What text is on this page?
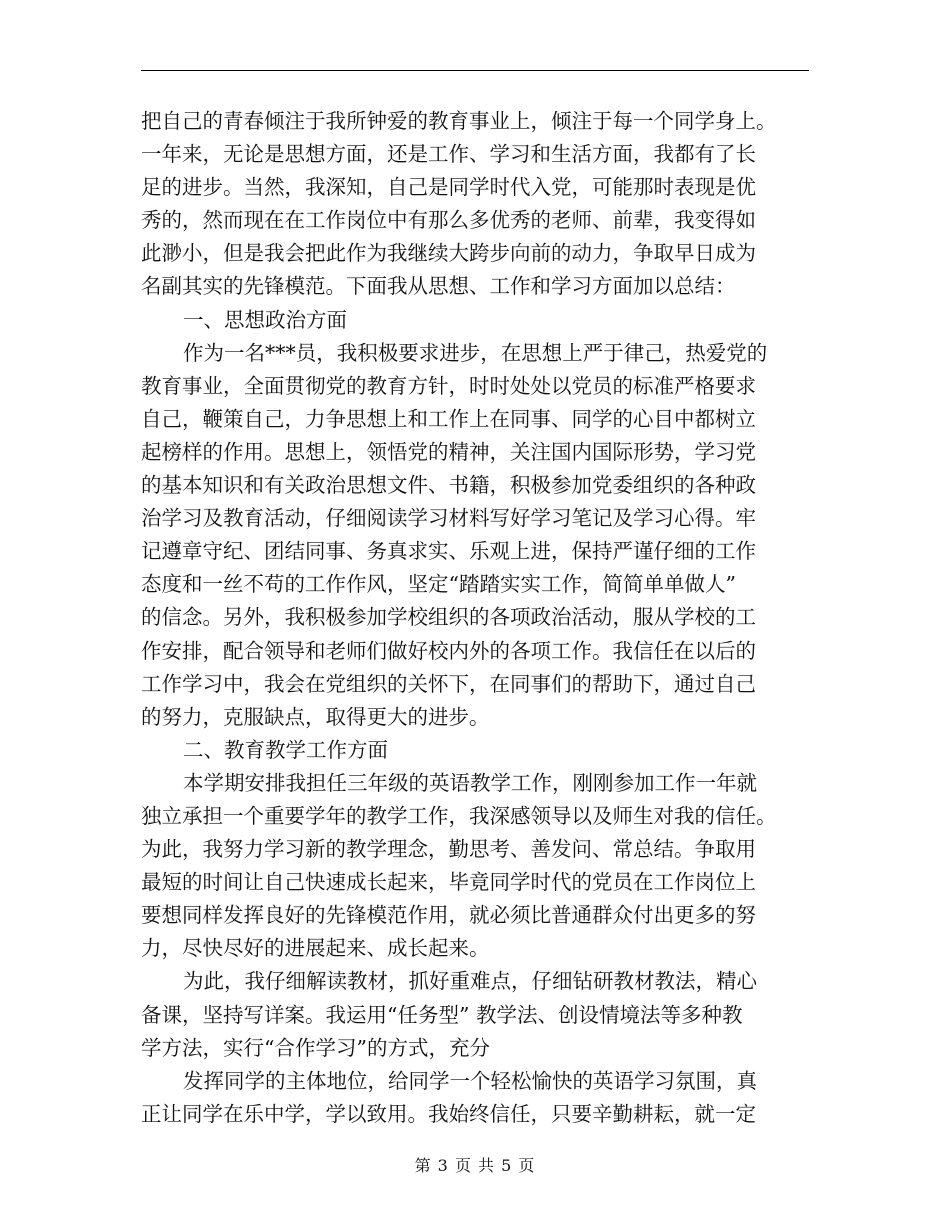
把自己的青春倾注于我所钟爱的教育事业上，倾注于每一个同学身上。
一年来，无论是思想方面，还是工作、学习和生活方面，我都有了长
足的进步。当然，我深知，自己是同学时代入党，可能那时表现是优
秀的，然而现在在工作岗位中有那么多优秀的老师、前辈，我变得如
此渺小，但是我会把此作为我继续大跨步向前的动力，争取早日成为
名副其实的先锋模范。下面我从思想、工作和学习方面加以总结：
一、思想政治方面
作为一名***员，我积极要求进步，在思想上严于律己，热爱党的
教育事业，全面贯彻党的教育方针，时时处处以党员的标准严格要求
自己，鞭策自己，力争思想上和工作上在同事、同学的心目中都树立
起榜样的作用。思想上，领悟党的精神，关注国内国际形势，学习党
的基本知识和有关政治思想文件、书籍，积极参加党委组织的各种政
治学习及教育活动，仔细阅读学习材料写好学习笔记及学习心得。牢
记遵章守纪、团结同事、务真求实、乐观上进，保持严谨仔细的工作
态度和一丝不苟的工作作风，坚定“踏踏实实工作，简简单单做人”
的信念。另外，我积极参加学校组织的各项政治活动，服从学校的工
作安排，配合领导和老师们做好校内外的各项工作。我信任在以后的
工作学习中，我会在党组织的关怀下，在同事们的帮助下，通过自己
的努力，克服缺点，取得更大的进步。
二、教育教学工作方面
本学期安排我担任三年级的英语教学工作，刚刚参加工作一年就
独立承担一个重要学年的教学工作，我深感领导以及师生对我的信任。
为此，我努力学习新的教学理念，勤思考、善发问、常总结。争取用
最短的时间让自己快速成长起来，毕竟同学时代的党员在工作岗位上
要想同样发挥良好的先锋模范作用，就必须比普通群众付出更多的努
力，尽快尽好的进展起来、成长起来。
为此，我仔细解读教材，抓好重难点，仔细钻研教材教法，精心
备课，坚持写详案。我运用“任务型” 教学法、创设情境法等多种教
学方法，实行“合作学习”的方式，充分
发挥同学的主体地位，给同学一个轻松愉快的英语学习氛围，真
正让同学在乐中学，学以致用。我始终信任，只要辛勤耕耘，就一定
第 3 页 共 5 页
